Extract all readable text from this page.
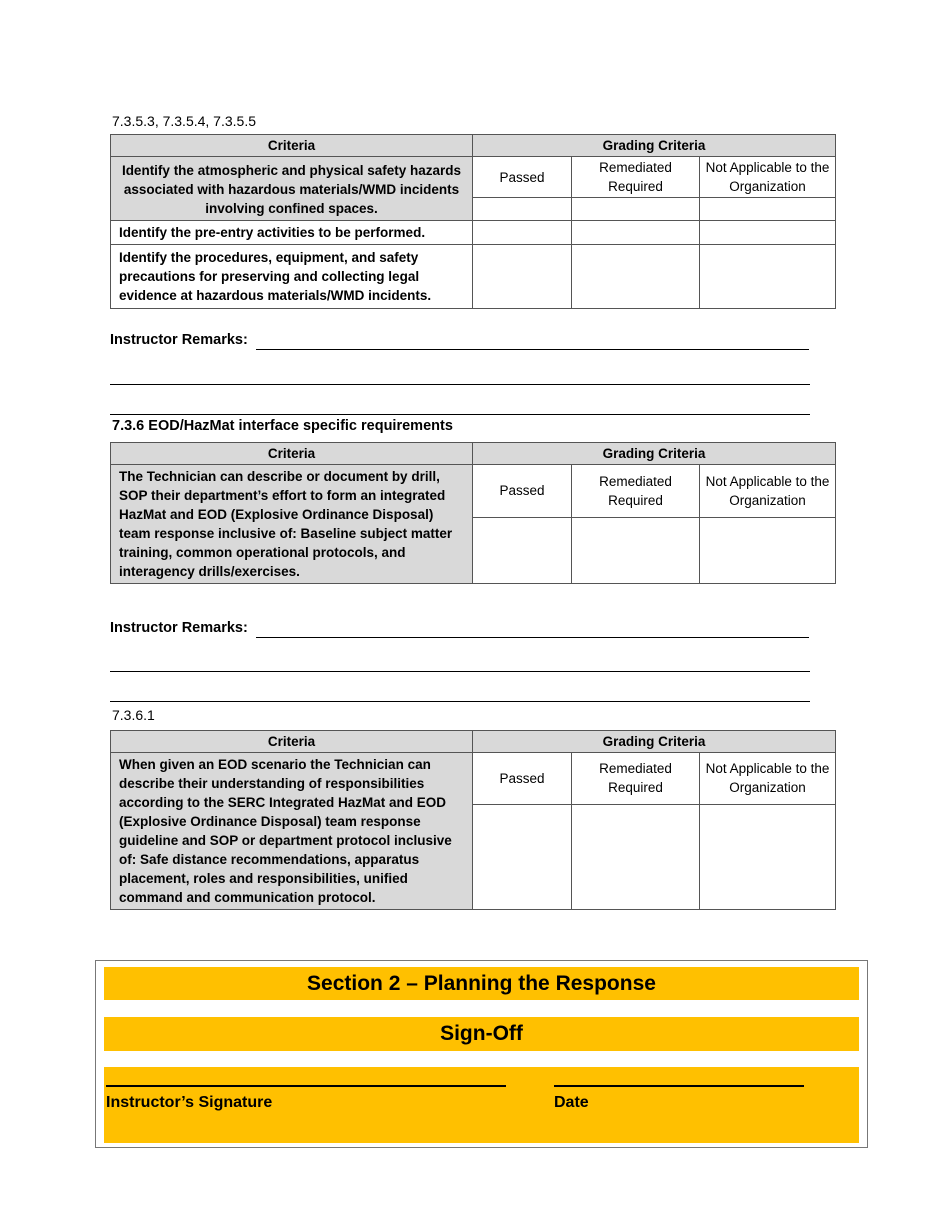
7.3.5.3, 7.3.5.4, 7.3.5.5
Criteria	Grading Criteria		
Identify the atmospheric and physical safety hazards associated with hazardous materials/WMD incidents involving confined spaces.	Passed	Remediated Required	Not Applicable to the Organization

Identify the pre-entry activities to be performed.			
Identify the procedures, equipment, and safety precautions for preserving and collecting legal evidence at hazardous materials/WMD incidents.			
Instructor Remarks:
7.3.6 EOD/HazMat interface specific requirements
Criteria	Grading Criteria		
The Technician can describe or document by drill, SOP their department’s effort to form an integrated HazMat and EOD (Explosive Ordinance Disposal) team response inclusive of: Baseline subject matter training, common operational protocols, and interagency drills/exercises.	Passed	Remediated Required	Not Applicable to the Organization

Instructor Remarks:
7.3.6.1
Criteria	Grading Criteria		
When given an EOD scenario the Technician can describe their understanding of responsibilities according to the SERC Integrated HazMat and EOD (Explosive Ordinance Disposal) team response guideline and SOP or department protocol inclusive of: Safe distance recommendations, apparatus placement, roles and responsibilities, unified command and communication protocol.	Passed	Remediated Required	Not Applicable to the Organization

Section 2 – Planning the Response
Sign-Off
Instructor’s Signature	Date
